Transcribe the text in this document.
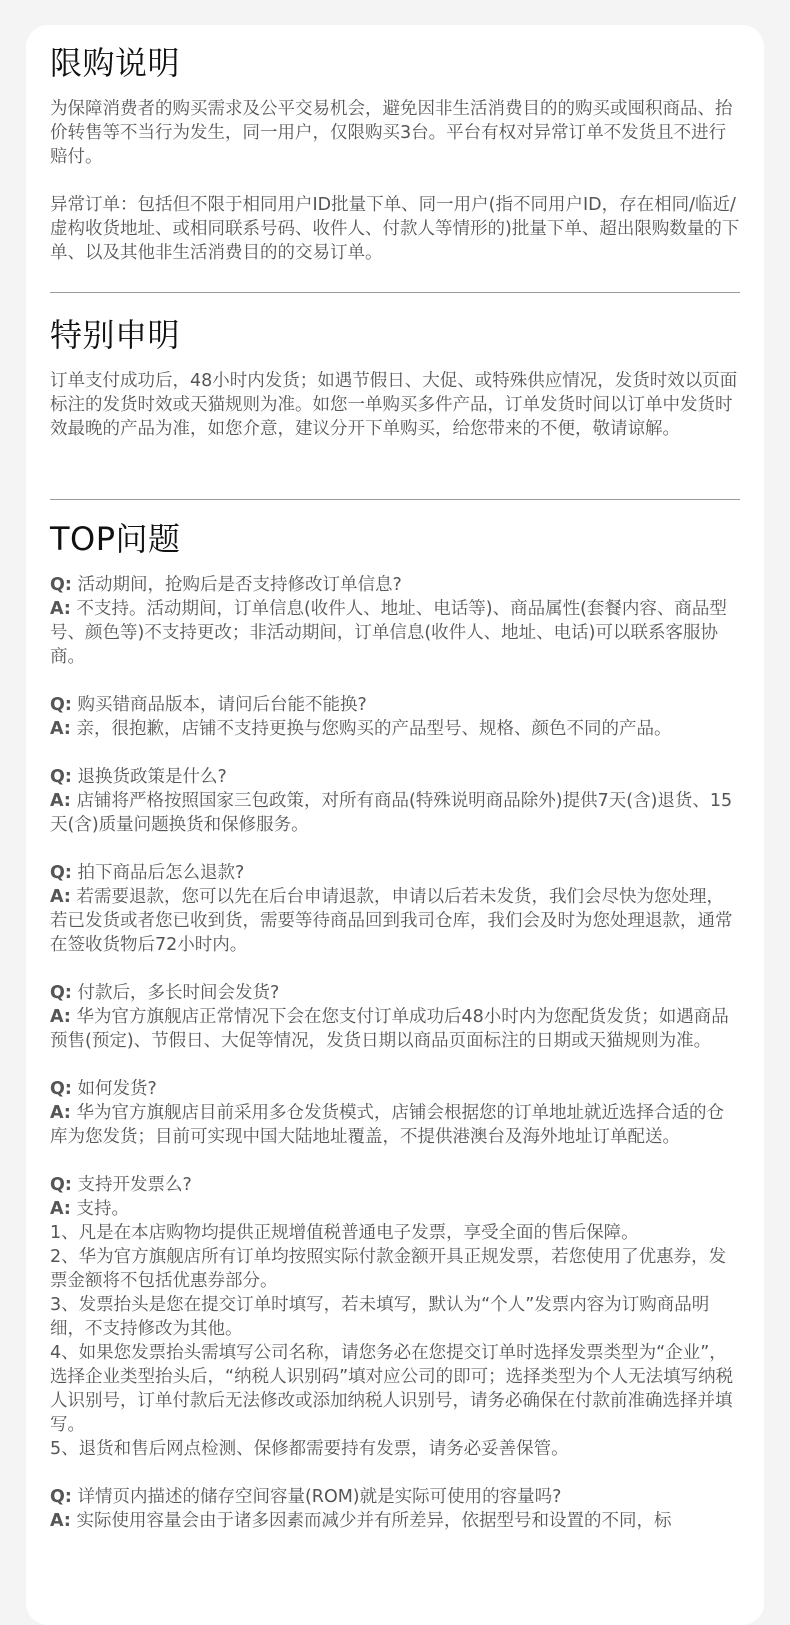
限购说明

为保障消费者的购买需求及公平交易机会，避免因非生活消费目的的购买或囤积商品、抬价转售等不当行为发生，同一用户，仅限购买3台。平台有权对异常订单不发货且不进行赔付。

异常订单：包括但不限于相同用户ID批量下单、同一用户(指不同用户ID，存在相同/临近/虚构收货地址、或相同联系号码、收件人、付款人等情形的)批量下单、超出限购数量的下单、以及其他非生活消费目的的交易订单。

特别申明

订单支付成功后，48小时内发货；如遇节假日、大促、或特殊供应情况，发货时效以页面标注的发货时效或天猫规则为准。如您一单购买多件产品，订单发货时间以订单中发货时效最晚的产品为准，如您介意，建议分开下单购买，给您带来的不便，敬请谅解。

TOP问题

Q: 活动期间，抢购后是否支持修改订单信息?

A: 不支持。活动期间，订单信息(收件人、地址、电话等)、商品属性(套餐内容、商品型号、颜色等)不支持更改；非活动期间，订单信息(收件人、地址、电话)可以联系客服协商。

Q: 购买错商品版本，请问后台能不能换?

A: 亲，很抱歉，店铺不支持更换与您购买的产品型号、规格、颜色不同的产品。

Q: 退换货政策是什么?

A: 店铺将严格按照国家三包政策，对所有商品(特殊说明商品除外)提供7天(含)退货、15天(含)质量问题换货和保修服务。

Q: 拍下商品后怎么退款?

A: 若需要退款，您可以先在后台申请退款，申请以后若未发货，我们会尽快为您处理，若已发货或者您已收到货，需要等待商品回到我司仓库，我们会及时为您处理退款，通常在签收货物后72小时内。

Q: 付款后，多长时间会发货?

A: 华为官方旗舰店正常情况下会在您支付订单成功后48小时内为您配货发货；如遇商品预售(预定)、节假日、大促等情况，发货日期以商品页面标注的日期或天猫规则为准。

Q: 如何发货?

A: 华为官方旗舰店目前采用多仓发货模式，店铺会根据您的订单地址就近选择合适的仓库为您发货；目前可实现中国大陆地址覆盖，不提供港澳台及海外地址订单配送。

Q: 支持开发票么?

A: 支持。

1、凡是在本店购物均提供正规增值税普通电子发票，享受全面的售后保障。

2、华为官方旗舰店所有订单均按照实际付款金额开具正规发票，若您使用了优惠券，发票金额将不包括优惠券部分。

3、发票抬头是您在提交订单时填写，若未填写，默认为“个人”发票内容为订购商品明细，不支持修改为其他。

4、如果您发票抬头需填写公司名称，请您务必在您提交订单时选择发票类型为“企业”，选择企业类型抬头后，“纳税人识别码”填对应公司的即可；选择类型为个人无法填写纳税人识别号，订单付款后无法修改或添加纳税人识别号，请务必确保在付款前准确选择并填写。

5、退货和售后网点检测、保修都需要持有发票，请务必妥善保管。

Q: 详情页内描述的储存空间容量(ROM)就是实际可使用的容量吗?

A: 实际使用容量会由于诸多因素而减少并有所差异，依据型号和设置的不同，标
